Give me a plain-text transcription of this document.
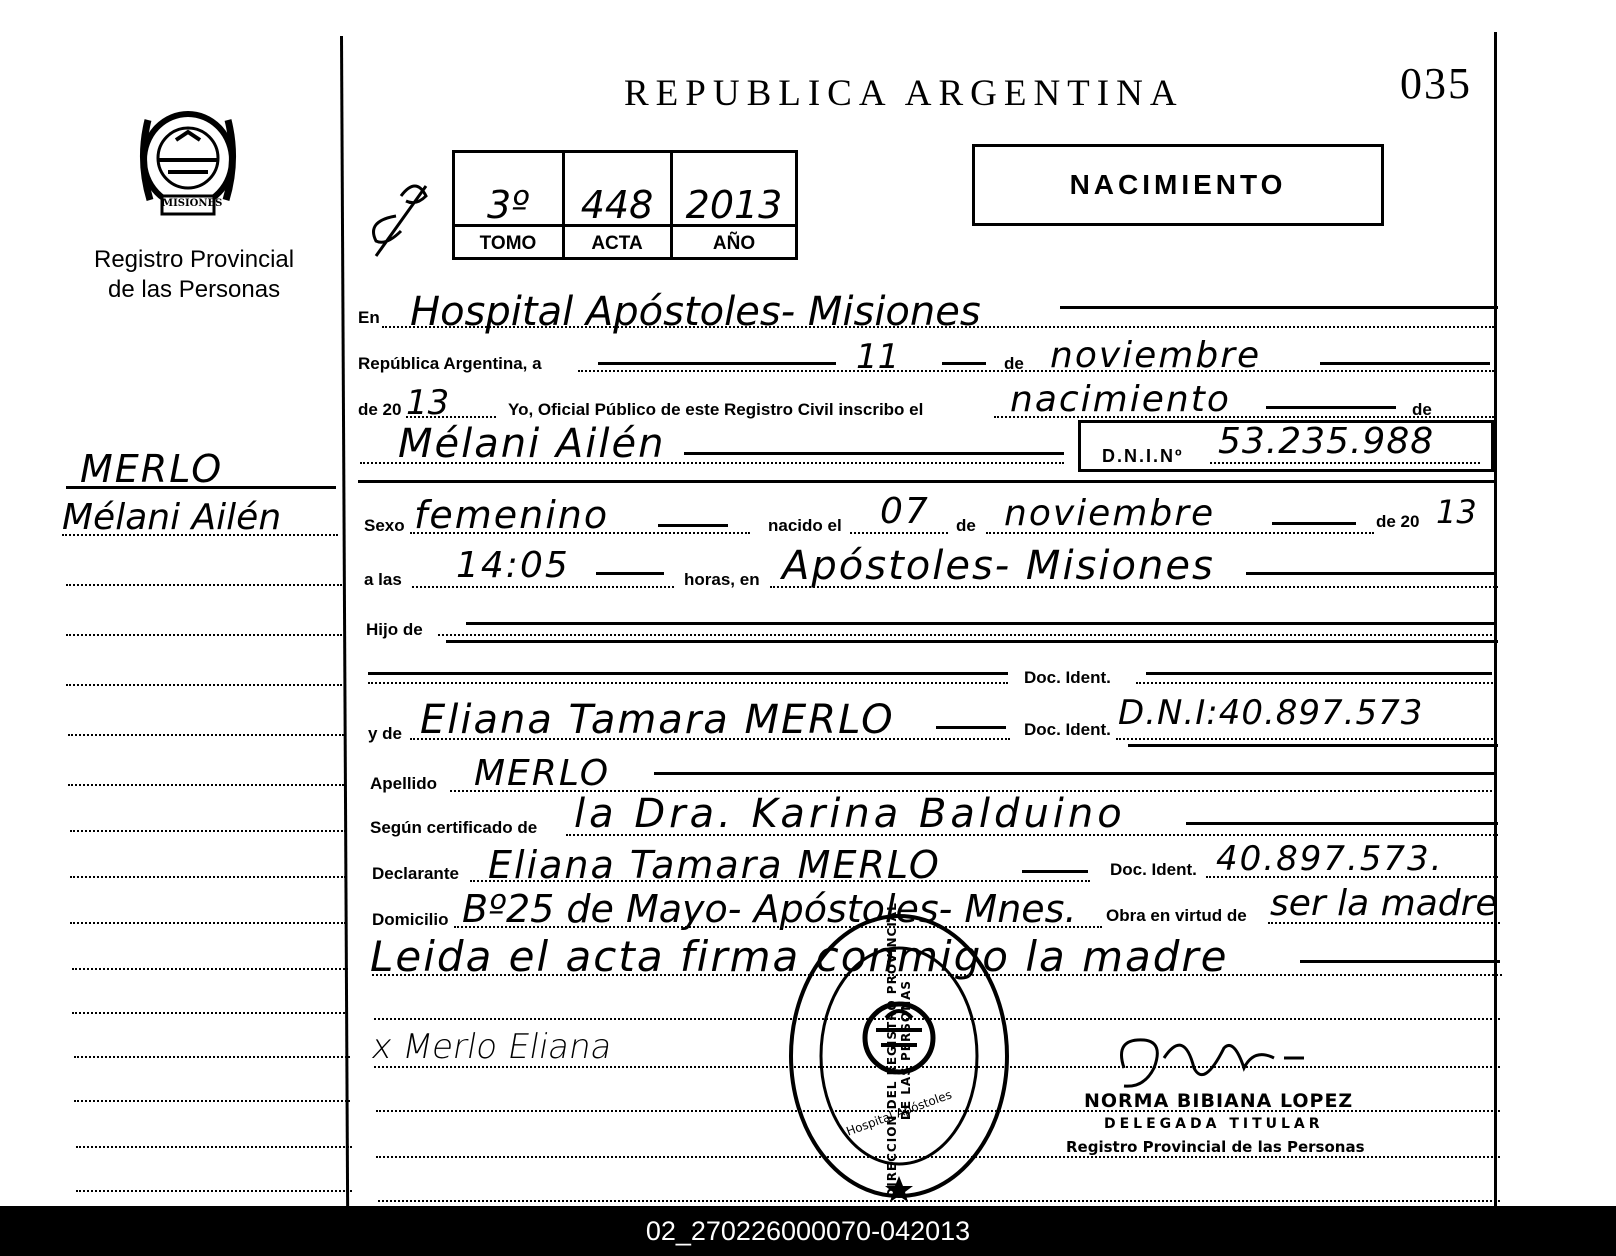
MISIONES
Registro Provincial
de las Personas
MERLO
Mélani Ailén
REPUBLICA ARGENTINA	035
NACIMIENTO
3º	448 2013
TOMO	ACTA	AÑO
En Hospital Apóstoles- Misiones
República Argentina, a	11	de noviembre
de 20 13	Yo, Oficial Público de este Registro Civil inscribo el nacimiento	de
Mélani Ailén	D.N.I.Nº 53.235.988
Sexo femenino	nacido el 07 de noviembre	de 20 13
a las 14:05	horas, en Apóstoles- Misiones
Hijo de
Doc. Ident.
y de Eliana Tamara MERLO	Doc. Ident. D.N.I:40.897.573
Apellido MERLO
Según certificado de la Dra. Karina Balduino
Declarante Eliana Tamara MERLO	Doc. Ident. 40.897.573.
Domicilio Bº25 de Mayo- Apóstoles- Mnes. Obra en virtud de ser la madre
Leida el acta firma conmigo la madre
x Merlo Eliana	DIRECCION DEL REGISTRO PROVINCIAL DE LAS PERSONAS
Hospital Apóstoles	NORMA BIBIANA LOPEZ
DELEGADA TITULAR
Registro Provincial de las Personas
02_270226000070-042013
